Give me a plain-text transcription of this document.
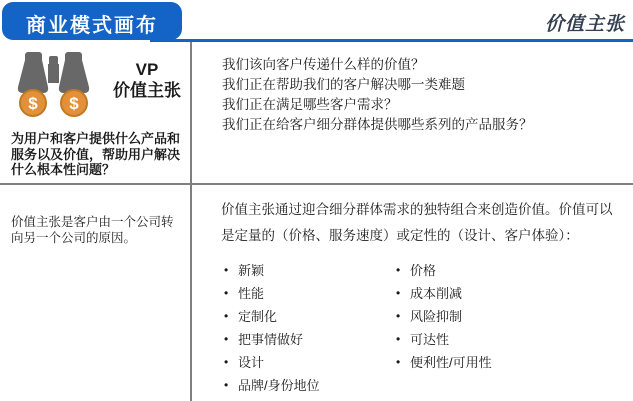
商业模式画布	价值主张
$ $
VP
价值主张
为用户和客户提供什么产品和服务以及价值，帮助用户解决什么根本性问题？
我们该向客户传递什么样的价值？
我们正在帮助我们的客户解决哪一类难题
我们正在满足哪些客户需求？
我们正在给客户细分群体提供哪些系列的产品服务？
价值主张是客户由一个公司转向另一个公司的原因。
价值主张通过迎合细分群体需求的独特组合来创造价值。价值可以是定量的（价格、服务速度）或定性的（设计、客户体验）：
• 新颖
• 性能
• 定制化
• 把事情做好
• 设计
• 品牌/身份地位
• 价格
• 成本削减
• 风险抑制
• 可达性
• 便利性/可用性
